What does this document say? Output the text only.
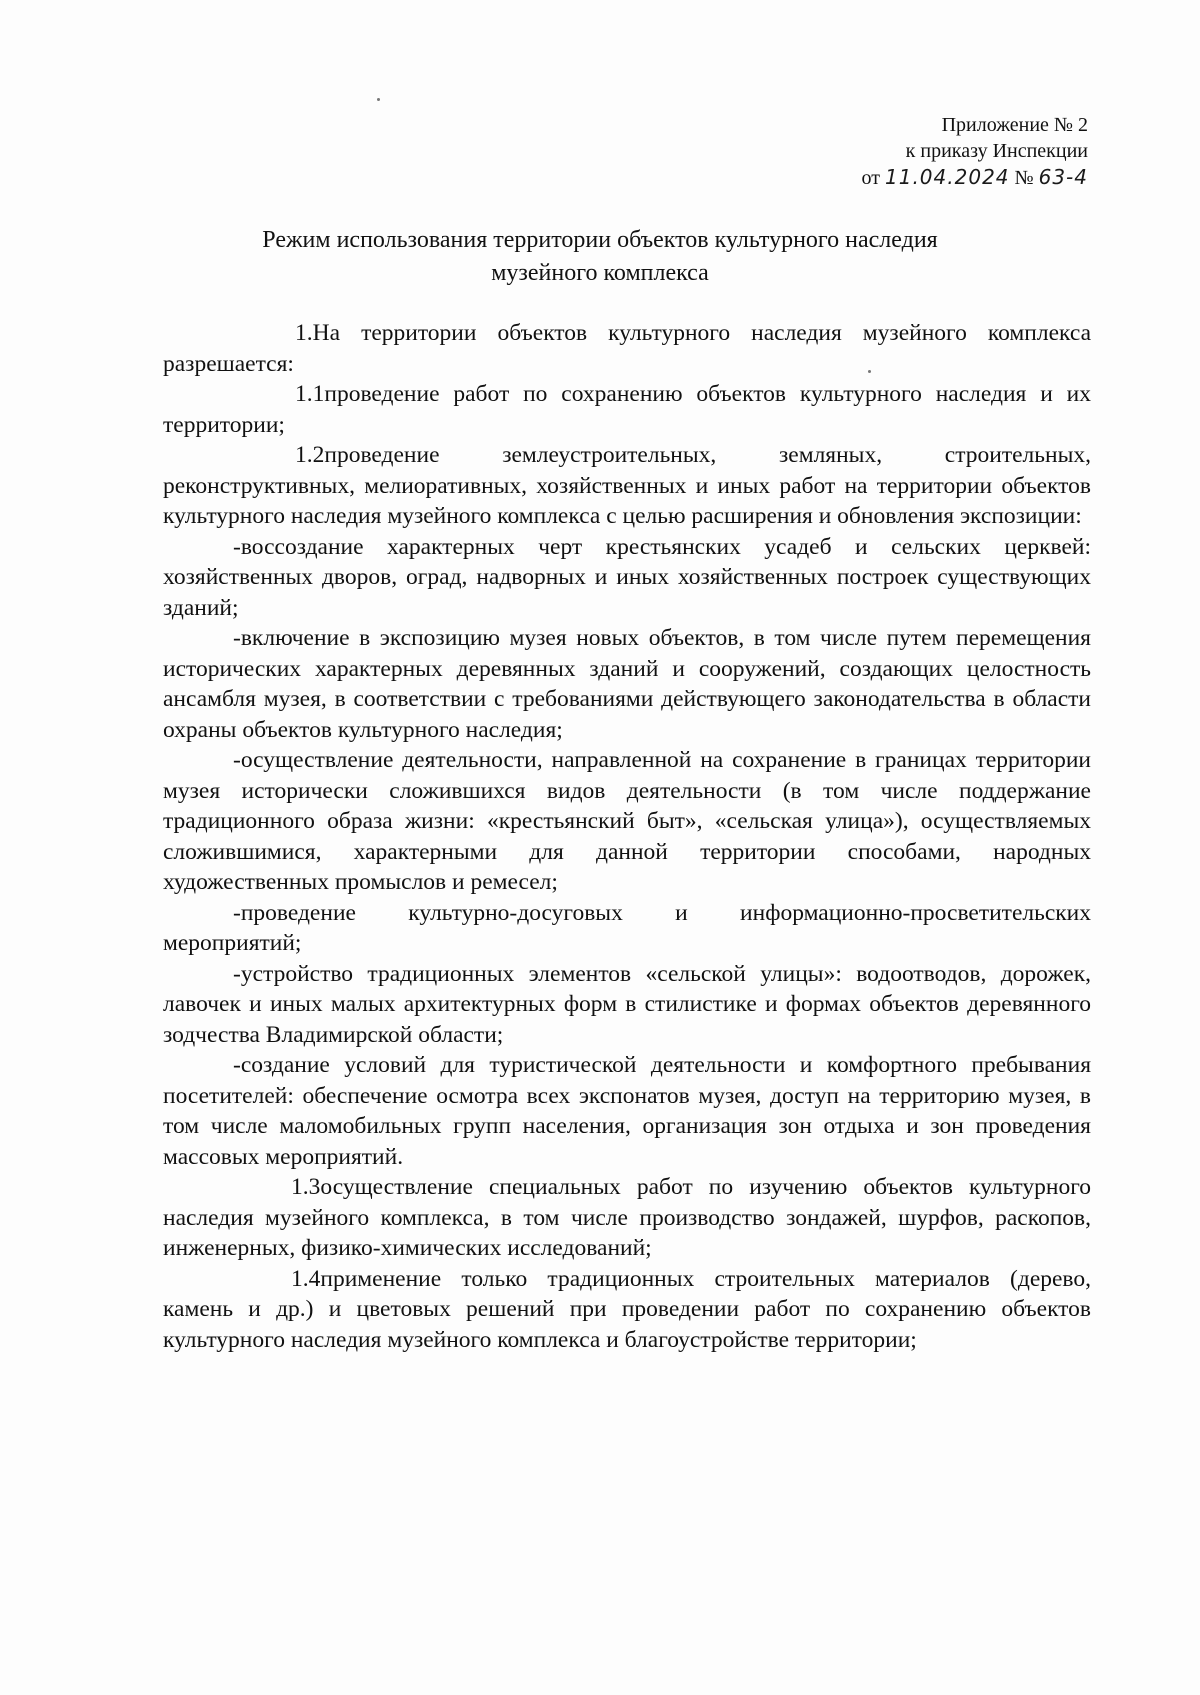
Приложение № 2
к приказу Инспекции
от 11.04.2024 № 63-4
Режим использования территории объектов культурного наследия
музейного комплекса

1.На территории объектов культурного наследия музейного комплекса разрешается:

1.1проведение работ по сохранению объектов культурного наследия и их территории;

1.2проведение землеустроительных, земляных, строительных, реконструктивных, мелиоративных, хозяйственных и иных работ на территории объектов культурного наследия музейного комплекса с целью расширения и обновления экспозиции:

-воссоздание характерных черт крестьянских усадеб и сельских церквей: хозяйственных дворов, оград, надворных и иных хозяйственных построек существующих зданий;

-включение в экспозицию музея новых объектов, в том числе путем перемещения исторических характерных деревянных зданий и сооружений, создающих целостность ансамбля музея, в соответствии с требованиями действующего законодательства в области охраны объектов культурного наследия;

-осуществление деятельности, направленной на сохранение в границах территории музея исторически сложившихся видов деятельности (в том числе поддержание традиционного образа жизни: «крестьянский быт», «сельская улица»), осуществляемых сложившимися, характерными для данной территории способами, народных художественных промыслов и ремесел;

-проведение культурно-досуговых и информационно-просветительских мероприятий;

-устройство традиционных элементов «сельской улицы»: водоотводов, дорожек, лавочек и иных малых архитектурных форм в стилистике и формах объектов деревянного зодчества Владимирской области;

-создание условий для туристической деятельности и комфортного пребывания посетителей: обеспечение осмотра всех экспонатов музея, доступ на территорию музея, в том числе маломобильных групп населения, организация зон отдыха и зон проведения массовых мероприятий.

1.3осуществление специальных работ по изучению объектов культурного наследия музейного комплекса, в том числе производство зондажей, шурфов, раскопов, инженерных, физико-химических исследований;

1.4применение только традиционных строительных материалов (дерево, камень и др.) и цветовых решений при проведении работ по сохранению объектов культурного наследия музейного комплекса и благоустройстве территории;
